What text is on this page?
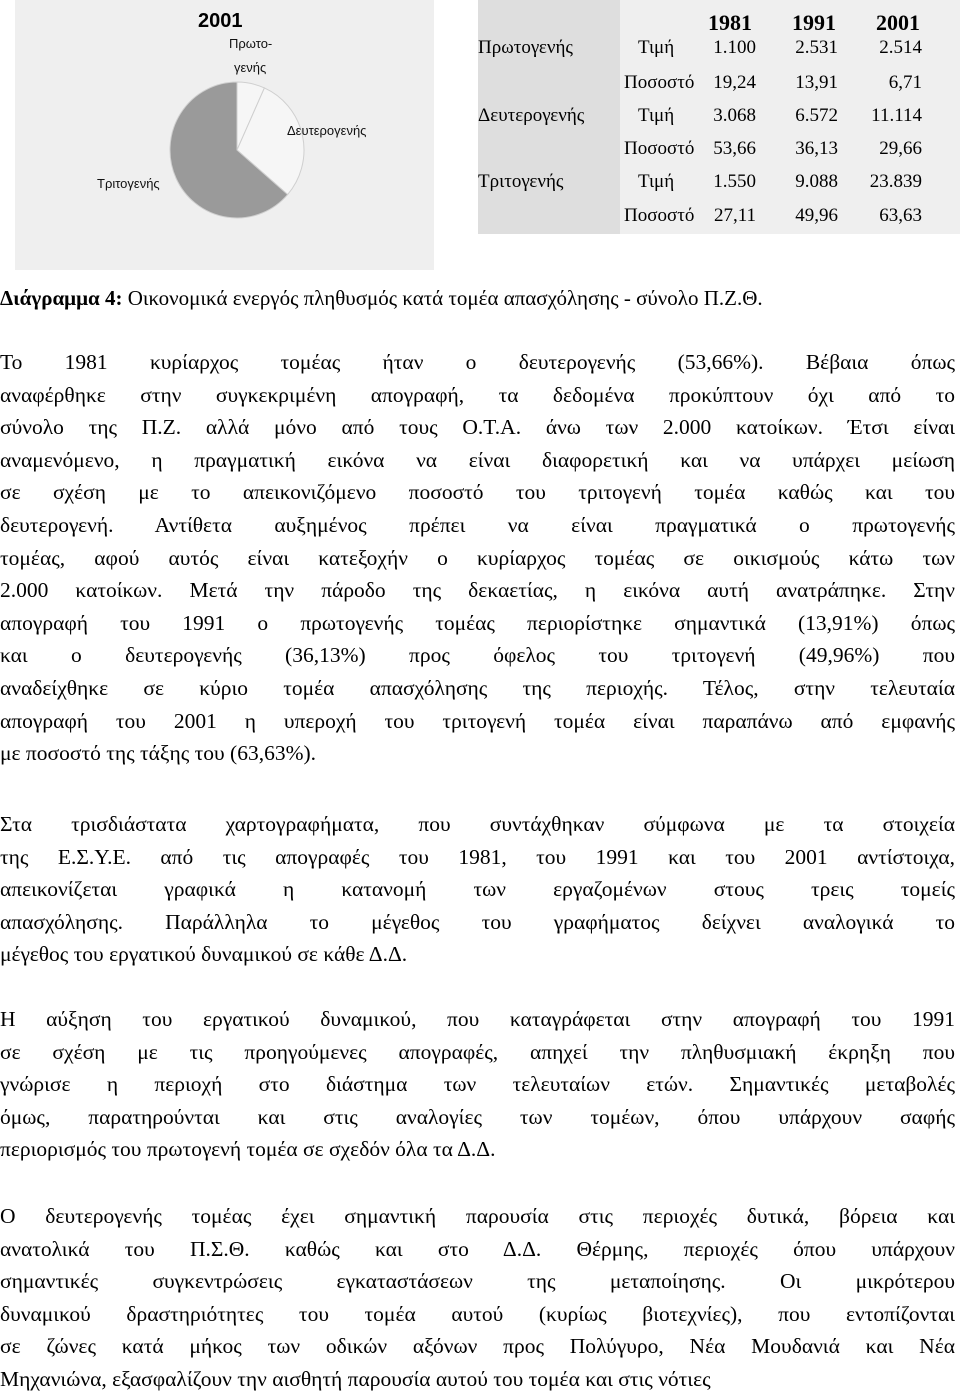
2001
Πρωτο-
γενής
Δευτερογενής
Τριτογενής
1981 1991 2001
Πρωτογενής	Τιμή 1.100 2.531 2.514
Ποσοστό 19,24 13,91	6,71
Δευτερογενής	Τιμή 3.068 6.572 11.114
Ποσοστό 53,66 36,13 29,66
Τριτογενής	Τιμή 1.550 9.088 23.839
Ποσοστό 27,11 49,96 63,63
Διάγραμμα 4: Οικονομικά ενεργός πληθυσμός κατά τομέα απασχόλησης - σύνολο Π.Ζ.Θ.
Το 1981 κυρίαρχος τομέας ήταν ο δευτερογενής (53,66%). Βέβαια όπως
αναφέρθηκε στην συγκεκριμένη απογραφή, τα δεδομένα προκύπτουν όχι από το
σύνολο της Π.Ζ. αλλά μόνο από τους Ο.Τ.Α. άνω των 2.000 κατοίκων. Έτσι είναι
αναμενόμενο, η πραγματική εικόνα να είναι διαφορετική και να υπάρχει μείωση
σε σχέση με το απεικονιζόμενο ποσοστό του τριτογενή τομέα καθώς και του
δευτερογενή. Αντίθετα αυξημένος πρέπει να είναι πραγματικά ο πρωτογενής
τομέας, αφού αυτός είναι κατεξοχήν ο κυρίαρχος τομέας σε οικισμούς κάτω των
2.000 κατοίκων. Μετά την πάροδο της δεκαετίας, η εικόνα αυτή ανατράπηκε. Στην
απογραφή του 1991 ο πρωτογενής τομέας περιορίστηκε σημαντικά (13,91%) όπως
και ο δευτερογενής (36,13%) προς όφελος του τριτογενή (49,96%) που
αναδείχθηκε σε κύριο τομέα απασχόλησης της περιοχής. Τέλος, στην τελευταία
απογραφή του 2001 η υπεροχή του τριτογενή τομέα είναι παραπάνω από εμφανής
με ποσοστό της τάξης του (63,63%).
Στα τρισδιάστατα χαρτογραφήματα, που συντάχθηκαν σύμφωνα με τα στοιχεία
της Ε.Σ.Υ.Ε. από τις απογραφές του 1981, του 1991 και του 2001 αντίστοιχα,
απεικονίζεται γραφικά η κατανομή των εργαζομένων στους τρεις τομείς
απασχόλησης. Παράλληλα το μέγεθος του γραφήματος δείχνει αναλογικά το
μέγεθος του εργατικού δυναμικού σε κάθε Δ.Δ.
Η αύξηση του εργατικού δυναμικού, που καταγράφεται στην απογραφή του 1991
σε σχέση με τις προηγούμενες απογραφές, απηχεί την πληθυσμιακή έκρηξη που
γνώρισε η περιοχή στο διάστημα των τελευταίων ετών. Σημαντικές μεταβολές
όμως, παρατηρούνται και στις αναλογίες των τομέων, όπου υπάρχουν σαφής
περιορισμός του πρωτογενή τομέα σε σχεδόν όλα τα Δ.Δ.
Ο δευτερογενής τομέας έχει σημαντική παρουσία στις περιοχές δυτικά, βόρεια και
ανατολικά του Π.Σ.Θ. καθώς και στο Δ.Δ. Θέρμης, περιοχές όπου υπάρχουν
σημαντικές συγκεντρώσεις εγκαταστάσεων της μεταποίησης. Οι μικρότερου
δυναμικού δραστηριότητες του τομέα αυτού (κυρίως βιοτεχνίες), που εντοπίζονται
σε ζώνες κατά μήκος των οδικών αξόνων προς Πολύγυρο, Νέα Μουδανιά και Νέα
Μηχανιώνα, εξασφαλίζουν την αισθητή παρουσία αυτού του τομέα και στις νότιες
